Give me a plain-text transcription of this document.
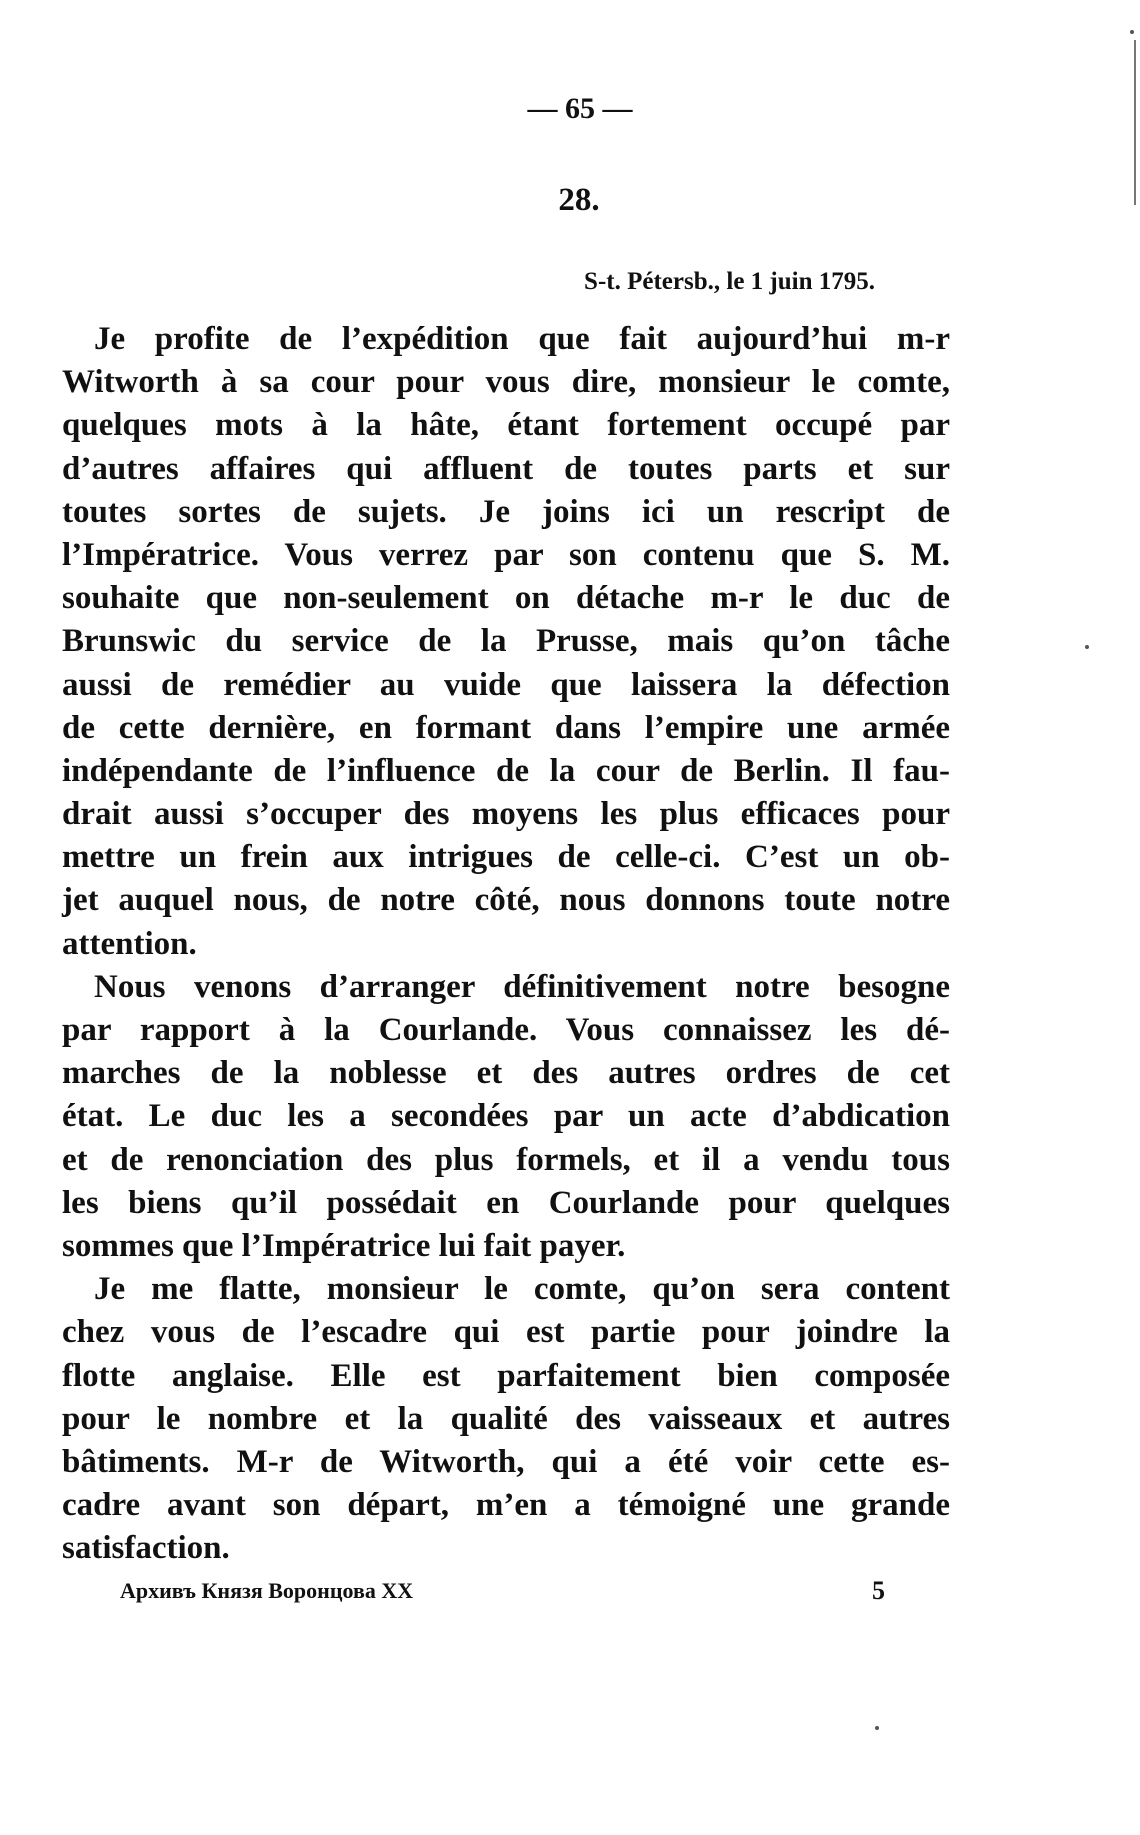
— 65 —
28.
S-t. Pétersb., le 1 juin 1795.
Je profite de l’expédition que fait aujourd’hui m-r
Witworth à sa cour pour vous dire, monsieur le comte,
quelques mots à la hâte, étant fortement occupé par
d’autres affaires qui affluent de toutes parts et sur
toutes sortes de sujets. Je joins ici un rescript de
l’Impératrice. Vous verrez par son contenu que S. M.
souhaite que non-seulement on détache m-r le duc de
Brunswic du service de la Prusse, mais qu’on tâche
aussi de remédier au vuide que laissera la défection
de cette dernière, en formant dans l’empire une armée
indépendante de l’influence de la cour de Berlin. Il fau-
drait aussi s’occuper des moyens les plus efficaces pour
mettre un frein aux intrigues de celle-ci. C’est un ob-
jet auquel nous, de notre côté, nous donnons toute notre
attention.
Nous venons d’arranger définitivement notre besogne
par rapport à la Courlande. Vous connaissez les dé-
marches de la noblesse et des autres ordres de cet
état. Le duc les a secondées par un acte d’abdication
et de renonciation des plus formels, et il a vendu tous
les biens qu’il possédait en Courlande pour quelques
sommes que l’Impératrice lui fait payer.
Je me flatte, monsieur le comte, qu’on sera content
chez vous de l’escadre qui est partie pour joindre la
flotte anglaise. Elle est parfaitement bien composée
pour le nombre et la qualité des vaisseaux et autres
bâtiments. M-r de Witworth, qui a été voir cette es-
cadre avant son départ, m’en a témoigné une grande
satisfaction.
Архивъ Князя Воронцова XX	5
